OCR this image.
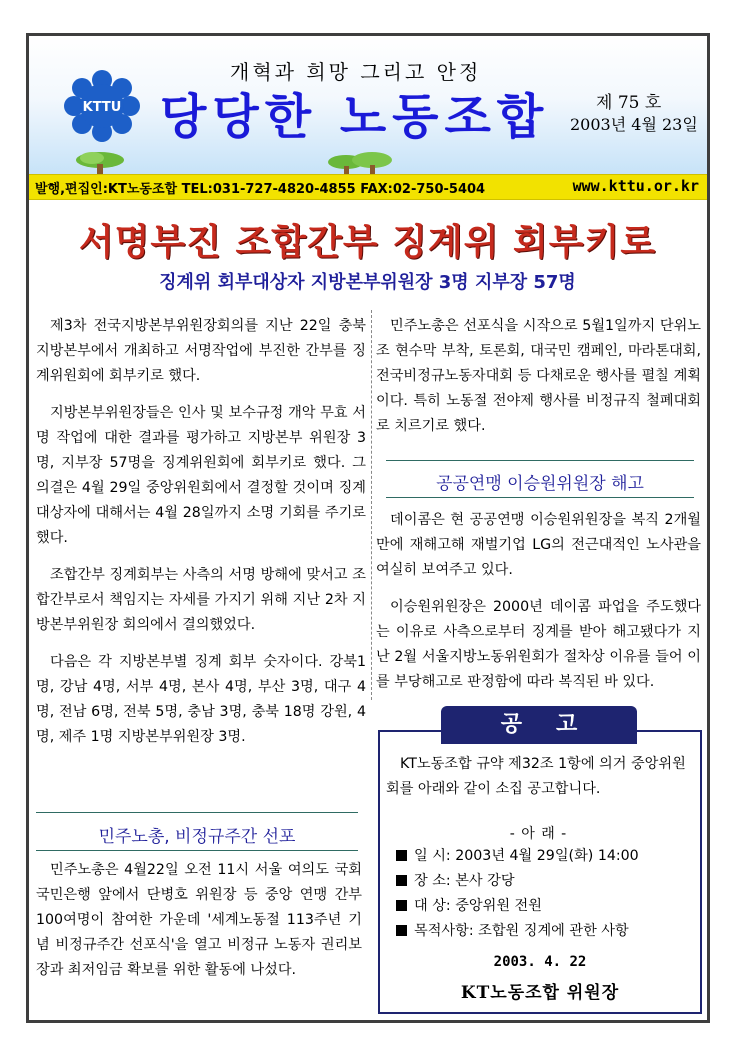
개혁과 희망 그리고 안정
KTTU 당당한 노동조합	제 75 호
2003년 4월 23일
발행,편집인:KT노동조합 TEL:031-727-4820-4855 FAX:02-750-5404	www.kttu.or.kr
서명부진 조합간부 징계위 회부키로
징계위 회부대상자 지방본부위원장 3명 지부장 57명

제3차 전국지방본부위원장회의를 지난 22일 충북지방본부에서 개최하고 서명작업에 부진한 간부를 징계위원회에 회부키로 했다.

지방본부위원장들은 인사 및 보수규정 개악 무효 서명 작업에 대한 결과를 평가하고 지방본부 위원장 3명, 지부장 57명을 징계위원회에 회부키로 했다. 그 의결은 4월 29일 중앙위원회에서 결정할 것이며 징계 대상자에 대해서는 4월 28일까지 소명 기회를 주기로 했다.

조합간부 징계회부는 사측의 서명 방해에 맞서고 조합간부로서 책임지는 자세를 가지기 위해 지난 2차 지방본부위원장 회의에서 결의했었다.

다음은 각 지방본부별 징계 회부 숫자이다. 강북1명, 강남 4명, 서부 4명, 본사 4명, 부산 3명, 대구 4명, 전남 6명, 전북 5명, 충남 3명, 충북 18명 강원, 4명, 제주 1명 지방본부위원장 3명.

민주노총, 비정규주간 선포

민주노총은 4월22일 오전 11시 서울 여의도 국회 국민은행 앞에서 단병호 위원장 등 중앙 연맹 간부 100여명이 참여한 가운데 '세계노동절 113주년 기념 비정규주간 선포식'을 열고 비정규 노동자 권리보장과 최저임금 확보를 위한 활동에 나섰다.

민주노총은 선포식을 시작으로 5월1일까지 단위노조 현수막 부착, 토론회, 대국민 캠페인, 마라톤대회, 전국비정규노동자대회 등 다채로운 행사를 펼칠 계획이다. 특히 노동절 전야제 행사를 비정규직 철폐대회로 치르기로 했다.

공공연맹 이승원위원장 해고

데이콤은 현 공공연맹 이승원위원장을 복직 2개월만에 재해고해 재벌기업 LG의 전근대적인 노사관을 여실히 보여주고 있다.

이승원위원장은 2000년 데이콤 파업을 주도했다는 이유로 사측으로부터 징계를 받아 해고됐다가 지난 2월 서울지방노동위원회가 절차상 이유를 들어 이를 부당해고로 판정함에 따라 복직된 바 있다.

공고
KT노동조합 규약 제32조 1항에 의거 중앙위원회를 아래와 같이 소집 공고합니다.
- 아 래 -
일 시: 2003년 4월 29일(화) 14:00
장 소: 본사 강당
대 상: 중앙위원 전원
목적사항: 조합원 징계에 관한 사항
2003. 4. 22
KT노동조합 위원장
